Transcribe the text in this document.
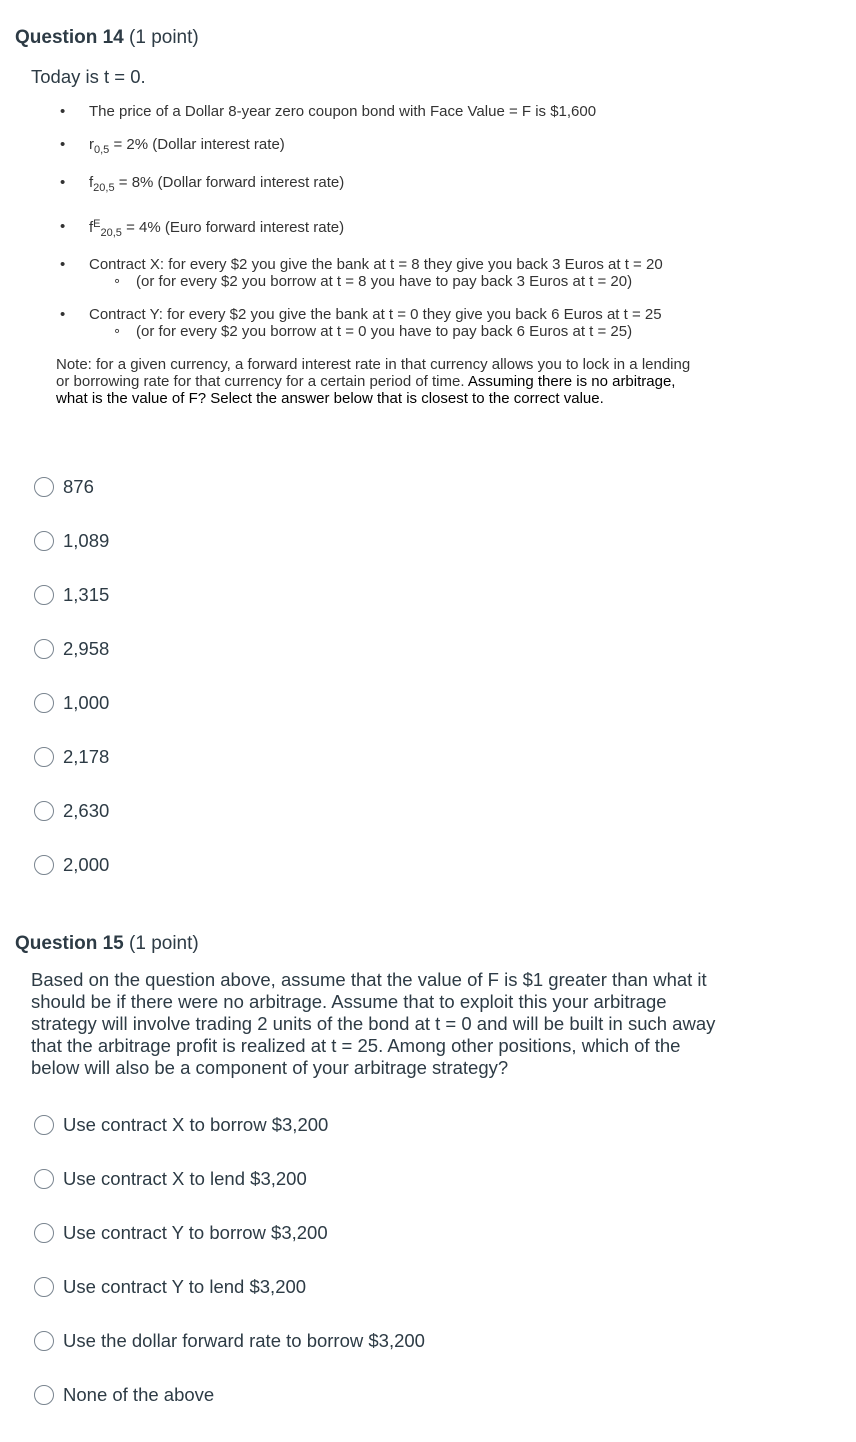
Question 14 (1 point)
Today is t = 0.
• The price of a Dollar 8-year zero coupon bond with Face Value = F is $1,600
• $r_{0,5} = 2\%$ (Dollar interest rate)
• $f_{20,5} = 8\%$ (Dollar forward interest rate)
• $f^E_{20,5} = 4\%$ (Euro forward interest rate)
• Contract X: for every $2 you give the bank at t = 8 they give you back 3 Euros at t = 20
∘ (or for every $2 you borrow at t = 8 you have to pay back 3 Euros at t = 20)
• Contract Y: for every $2 you give the bank at t = 0 they give you back 6 Euros at t = 25
∘ (or for every $2 you borrow at t = 0 you have to pay back 6 Euros at t = 25)
Note: for a given currency, a forward interest rate in that currency allows you to lock in a lending
or borrowing rate for that currency for a certain period of time. Assuming there is no arbitrage,
what is the value of F? Select the answer below that is closest to the correct value.
876
1,089
1,315
2,958
1,000
2,178
2,630
2,000
Question 15 (1 point)
Based on the question above, assume that the value of F is $1 greater than what it
should be if there were no arbitrage. Assume that to exploit this your arbitrage
strategy will involve trading 2 units of the bond at t = 0 and will be built in such away
that the arbitrage profit is realized at t = 25. Among other positions, which of the
below will also be a component of your arbitrage strategy?
Use contract X to borrow $3,200
Use contract X to lend $3,200
Use contract Y to borrow $3,200
Use contract Y to lend $3,200
Use the dollar forward rate to borrow $3,200
None of the above
